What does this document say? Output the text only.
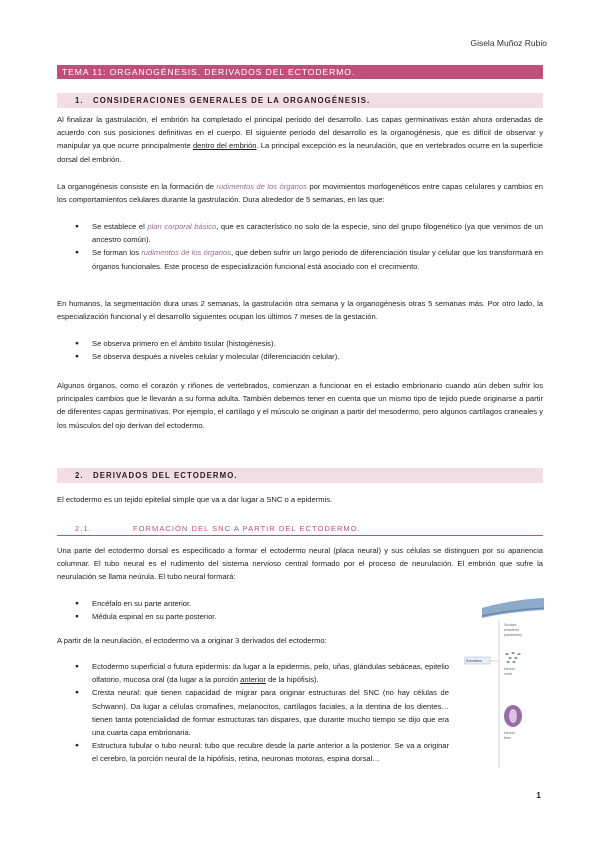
Gisela Muñoz Rubio
TEMA 11: ORGANOGÉNESIS. DERIVADOS DEL ECTODERMO.
1. CONSIDERACIONES GENERALES DE LA ORGANOGÉNESIS.

Al finalizar la gastrulación, el embrión ha completado el principal periodo del desarrollo. Las capas germinativas están ahora ordenadas de acuerdo con sus posiciones definitivas en el cuerpo. El siguiente período del desarrollo es la organogénesis, que es difícil de observar y manipular ya que ocurre principalmente dentro del embrión. La principal excepción es la neurulación, que en vertebrados ocurre en la superficie dorsal del embrión.

La organogénesis consiste en la formación de rudimentos de los órganos por movimientos morfogenéticos entre capas celulares y cambios en los comportamientos celulares durante la gastrulación. Dura alrededor de 5 semanas, en las que:

● Se establece el plan corporal básico, que es característico no solo de la especie, sino del grupo filogenético (ya que venimos de un ancestro común).
● Se forman los rudimentos de los órganos, que deben sufrir un largo periodo de diferenciación tisular y celular que los transformará en órganos funcionales. Este proceso de especialización funcional está asociado con el crecimiento.

En humanos, la segmentación dura unas 2 semanas, la gastrulación otra semana y la organogénesis otras 5 semanas más. Por otro lado, la especialización funcional y el desarrollo siguientes ocupan los últimos 7 meses de la gestación.

● Se observa primero en el ámbito tisular (histogénesis).
● Se observa después a niveles celular y molecular (diferenciación celular).

Algunos órganos, como el corazón y riñones de vertebrados, comienzan a funcionar en el estadio embrionario cuando aún deben sufrir los principales cambios que le llevarán a su forma adulta. También debemos tener en cuenta que un mismo tipo de tejido puede originarse a partir de diferentes capas germinativas. Por ejemplo, el cartílago y el músculo se originan a partir del mesodermo, pero algunos cartílagos craneales y los músculos del ojo derivan del ectodermo.

2. DERIVADOS DEL ECTODERMO.

El ectodermo es un tejido epitelial simple que va a dar lugar a SNC o a epidermis.

2.1.	FORMACIÓN DEL SNC A PARTIR DEL ECTODERMO.

Una parte del ectodermo dorsal es especificado a formar el ectodermo neural (placa neural) y sus células se distinguen por su apariencia columnar. El tubo neural es el rudimento del sistema nervioso central formado por el proceso de neurulación. El embrión que sufre la neurulación se llama neúrula. El tubo neural formará:

● Encéfalo en su parte anterior.
● Médula espinal en su parte posterior.

A partir de la neurulación, el ectodermo va a originar 3 derivados del ectodermo:

● Ectodermo superficial o futura epidermis: da lugar a la epidermis, pelo, uñas, glándulas sebáceas, epitelio olfatorio, mucosa oral (da lugar a la porción anterior de la hipófisis).
● Cresta neural: que tienen capacidad de migrar para originar estructuras del SNC (no hay células de Schwann). Da lugar a células cromafines, melanocitos, cartílagos faciales, a la dentina de los dientes… tienen tanta potencialidad de formar estructuras tan dispares, que durante mucho tiempo se dijo que era una cuarta capa embrionaria.
● Estructura tubular o tubo neural: tubo que recubre desde la parte anterior a la posterior. Se va a originar el cerebro, la porción neural de la hipófisis, retina, neuronas motoras, espina dorsal…
Surface
ectoderm
(epidermis)
Ectoderm
Neural
crest
Neural
tube
1
